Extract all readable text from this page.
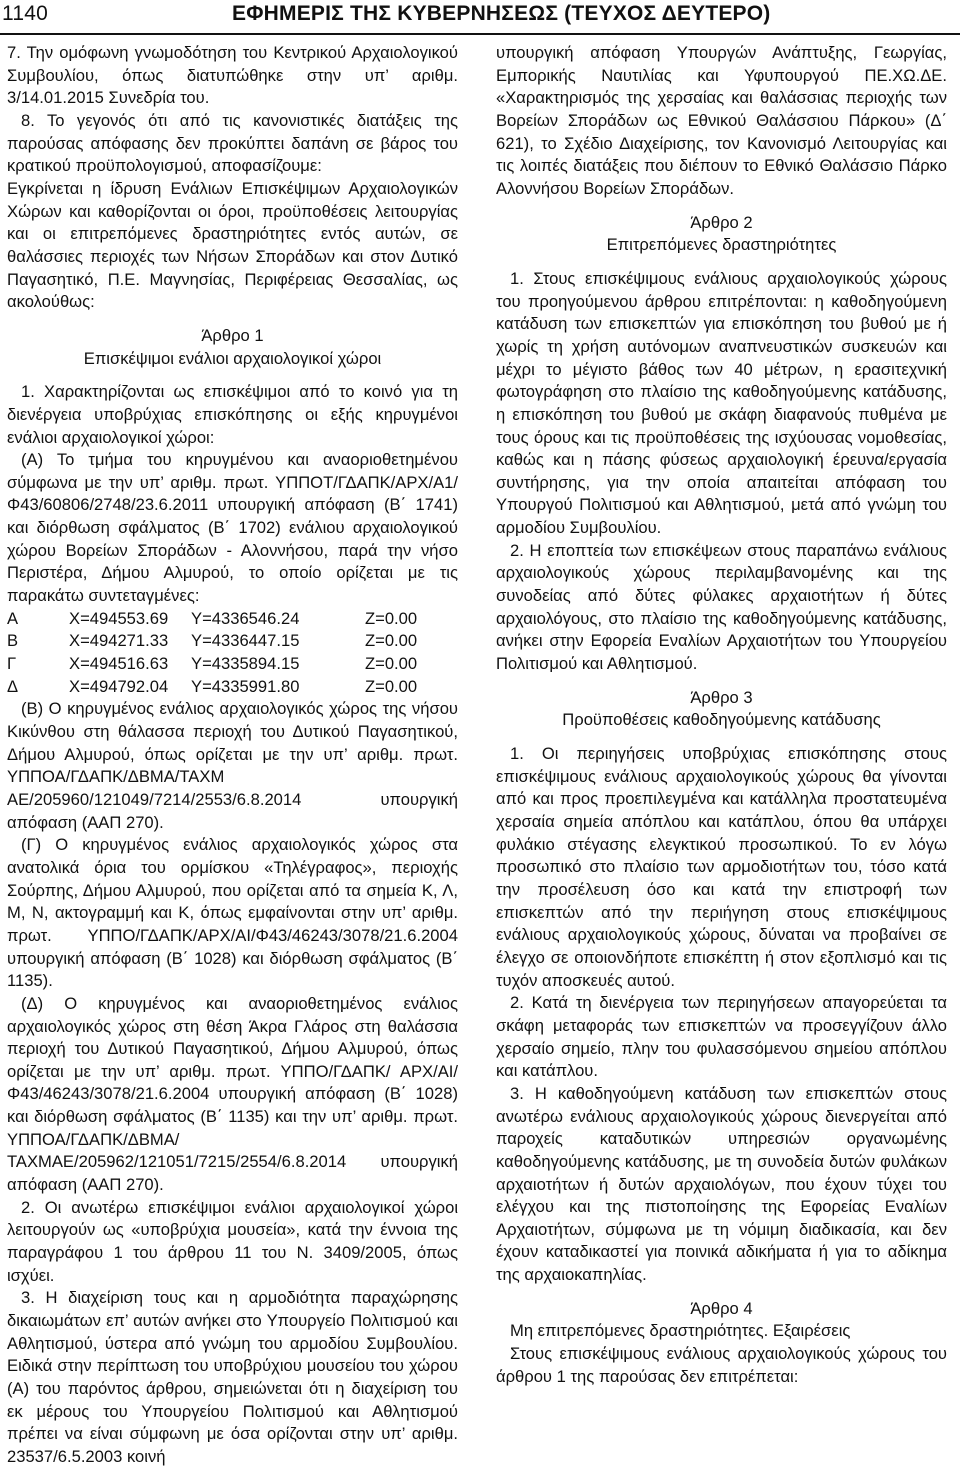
1140	ΕΦΗΜΕΡΙΣ ΤΗΣ ΚΥΒΕΡΝΗΣΕΩΣ (ΤΕΥΧΟΣ ΔΕΥΤΕΡΟ)

7. Την ομόφωνη γνωμοδότηση του Κεντρικού Αρχαιολογικού Συμβουλίου, όπως διατυπώθηκε στην υπ’ αριθμ. 3/14.01.2015 Συνεδρία του.

8. Το γεγονός ότι από τις κανονιστικές διατάξεις της παρούσας απόφασης δεν προκύπτει δαπάνη σε βάρος του κρατικού προϋπολογισμού, αποφασίζουμε:

Εγκρίνεται η ίδρυση Ενάλιων Επισκέψιμων Αρχαιολογικών Χώρων και καθορίζονται οι όροι, προϋποθέσεις λειτουργίας και οι επιτρεπόμενες δραστηριότητες εντός αυτών, σε θαλάσσιες περιοχές των Νήσων Σποράδων και στον Δυτικό Παγασητικό, Π.Ε. Μαγνησίας, Περιφέρειας Θεσσαλίας, ως ακολούθως:

Άρθρο 1

Επισκέψιμοι ενάλιοι αρχαιολογικοί χώροι

1. Χαρακτηρίζονται ως επισκέψιμοι από το κοινό για τη διενέργεια υποβρύχιας επισκόπησης οι εξής κηρυγμένοι ενάλιοι αρχαιολογικοί χώροι:

(Α) Το τμήμα του κηρυγμένου και αναοριοθετημένου σύμφωνα με την υπ’ αριθμ. πρωτ. ΥΠΠΟΤ/ΓΔΑΠΚ/ΑΡΧ/Α1/Φ43/60806/2748/23.6.2011 υπουργική απόφαση (Β΄ 1741) και διόρθωση σφάλματος (Β΄ 1702) ενάλιου αρχαιολογικού χώρου Βορείων Σποράδων - Αλοννήσου, παρά την νήσο Περιστέρα, Δήμου Αλμυρού, το οποίο ορίζεται με τις παρακάτω συντεταγμένες:

Α	Χ=494553.69	Υ=4336546.24	Ζ=0.00
Β	Χ=494271.33	Υ=4336447.15	Ζ=0.00
Γ	Χ=494516.63	Υ=4335894.15	Ζ=0.00
Δ	Χ=494792.04	Υ=4335991.80	Ζ=0.00

(Β) Ο κηρυγμένος ενάλιος αρχαιολογικός χώρος της νήσου Κικύνθου στη θάλασσα περιοχή του Δυτικού Παγασητικού, Δήμου Αλμυρού, όπως ορίζεται με την υπ’ αριθμ. πρωτ. ΥΠΠΟΑ/ΓΔΑΠΚ/ΔΒΜΑ/ΤΑΧΜ ΑΕ/205960/121049/7214/2553/6.8.2014 υπουργική απόφαση (ΑΑΠ 270).

(Γ) Ο κηρυγμένος ενάλιος αρχαιολογικός χώρος στα ανατολικά όρια του ορμίσκου «Τηλέγραφος», περιοχής Σούρπης, Δήμου Αλμυρού, που ορίζεται από τα σημεία Κ, Λ, Μ, Ν, ακτογραμμή και Κ, όπως εμφαίνονται στην υπ’ αριθμ. πρωτ. ΥΠΠΟ/ΓΔΑΠΚ/ΑΡΧ/ΑΙ/Φ43/46243/3078/21.6.2004 υπουργική απόφαση (Β΄ 1028) και διόρθωση σφάλματος (Β΄ 1135).

(Δ) Ο κηρυγμένος και αναοριοθετημένος ενάλιος αρχαιολογικός χώρος στη θέση Άκρα Γλάρος στη θαλάσσια περιοχή του Δυτικού Παγασητικού, Δήμου Αλμυρού, όπως ορίζεται με την υπ’ αριθμ. πρωτ. ΥΠΠΟ/ΓΔΑΠΚ/ ΑΡΧ/ΑΙ/Φ43/46243/3078/21.6.2004 υπουργική απόφαση (Β΄ 1028) και διόρθωση σφάλματος (Β΄ 1135) και την υπ’ αριθμ. πρωτ. ΥΠΠΟΑ/ΓΔΑΠΚ/ΔΒΜΑ/ΤΑΧΜΑΕ/205962/121051/7215/2554/6.8.2014 υπουργική απόφαση (ΑΑΠ 270).

2. Οι ανωτέρω επισκέψιμοι ενάλιοι αρχαιολογικοί χώροι λειτουργούν ως «υποβρύχια μουσεία», κατά την έννοια της παραγράφου 1 του άρθρου 11 του Ν. 3409/2005, όπως ισχύει.

3. Η διαχείριση τους και η αρμοδιότητα παραχώρησης δικαιωμάτων επ’ αυτών ανήκει στο Υπουργείο Πολιτισμού και Αθλητισμού, ύστερα από γνώμη του αρμοδίου Συμβουλίου. Ειδικά στην περίπτωση του υποβρύχιου μουσείου του χώρου (Α) του παρόντος άρθρου, σημειώνεται ότι η διαχείριση του εκ μέρους του Υπουργείου Πολιτισμού και Αθλητισμού πρέπει να είναι σύμφωνη με όσα ορίζονται στην υπ’ αριθμ. 23537/6.5.2003 κοινή

υπουργική απόφαση Υπουργών Ανάπτυξης, Γεωργίας, Εμπορικής Ναυτιλίας και Υφυπουργού ΠΕ.ΧΩ.ΔΕ. «Χαρακτηρισμός της χερσαίας και θαλάσσιας περιοχής των Βορείων Σποράδων ως Εθνικού Θαλάσσιου Πάρκου» (Δ΄ 621), το Σχέδιο Διαχείρισης, τον Κανονισμό Λειτουργίας και τις λοιπές διατάξεις που διέπουν το Εθνικό Θαλάσσιο Πάρκο Αλοννήσου Βορείων Σποράδων.

Άρθρο 2

Επιτρεπόμενες δραστηριότητες

1. Στους επισκέψιμους ενάλιους αρχαιολογικούς χώρους του προηγούμενου άρθρου επιτρέπονται: η καθοδηγούμενη κατάδυση των επισκεπτών για επισκόπηση του βυθού με ή χωρίς τη χρήση αυτόνομων αναπνευστικών συσκευών και μέχρι το μέγιστο βάθος των 40 μέτρων, η ερασιτεχνική φωτογράφηση στο πλαίσιο της καθοδηγούμενης κατάδυσης, η επισκόπηση του βυθού με σκάφη διαφανούς πυθμένα με τους όρους και τις προϋποθέσεις της ισχύουσας νομοθεσίας, καθώς και η πάσης φύσεως αρχαιολογική έρευνα/εργασία συντήρησης, για την οποία απαιτείται απόφαση του Υπουργού Πολιτισμού και Αθλητισμού, μετά από γνώμη του αρμοδίου Συμβουλίου.

2. Η εποπτεία των επισκέψεων στους παραπάνω ενάλιους αρχαιολογικούς χώρους περιλαμβανομένης και της συνοδείας από δύτες φύλακες αρχαιοτήτων ή δύτες αρχαιολόγους, στο πλαίσιο της καθοδηγούμενης κατάδυσης, ανήκει στην Εφορεία Εναλίων Αρχαιοτήτων του Υπουργείου Πολιτισμού και Αθλητισμού.

Άρθρο 3

Προϋποθέσεις καθοδηγούμενης κατάδυσης

1. Οι περιηγήσεις υποβρύχιας επισκόπησης στους επισκέψιμους ενάλιους αρχαιολογικούς χώρους θα γίνονται από και προς προεπιλεγμένα και κατάλληλα προστατευμένα χερσαία σημεία απόπλου και κατάπλου, όπου θα υπάρχει φυλάκιο στέγασης ελεγκτικού προσωπικού. Το εν λόγω προσωπικό στο πλαίσιο των αρμοδιοτήτων του, τόσο κατά την προσέλευση όσο και κατά την επιστροφή των επισκεπτών από την περιήγηση στους επισκέψιμους ενάλιους αρχαιολογικούς χώρους, δύναται να προβαίνει σε έλεγχο σε οποιονδήποτε επισκέπτη ή στον εξοπλισμό και τις τυχόν αποσκευές αυτού.

2. Κατά τη διενέργεια των περιηγήσεων απαγορεύεται τα σκάφη μεταφοράς των επισκεπτών να προσεγγίζουν άλλο χερσαίο σημείο, πλην του φυλασσόμενου σημείου απόπλου και κατάπλου.

3. Η καθοδηγούμενη κατάδυση των επισκεπτών στους ανωτέρω ενάλιους αρχαιολογικούς χώρους διενεργείται από παροχείς καταδυτικών υπηρεσιών οργανωμένης καθοδηγούμενης κατάδυσης, με τη συνοδεία δυτών φυλάκων αρχαιοτήτων ή δυτών αρχαιολόγων, που έχουν τύχει του ελέγχου και της πιστοποίησης της Εφορείας Εναλίων Αρχαιοτήτων, σύμφωνα με τη νόμιμη διαδικασία, και δεν έχουν καταδικαστεί για ποινικά αδικήματα ή για το αδίκημα της αρχαιοκαπηλίας.

Άρθρο 4

Μη επιτρεπόμενες δραστηριότητες. Εξαιρέσεις

Στους επισκέψιμους ενάλιους αρχαιολογικούς χώρους του άρθρου 1 της παρούσας δεν επιτρέπεται:
